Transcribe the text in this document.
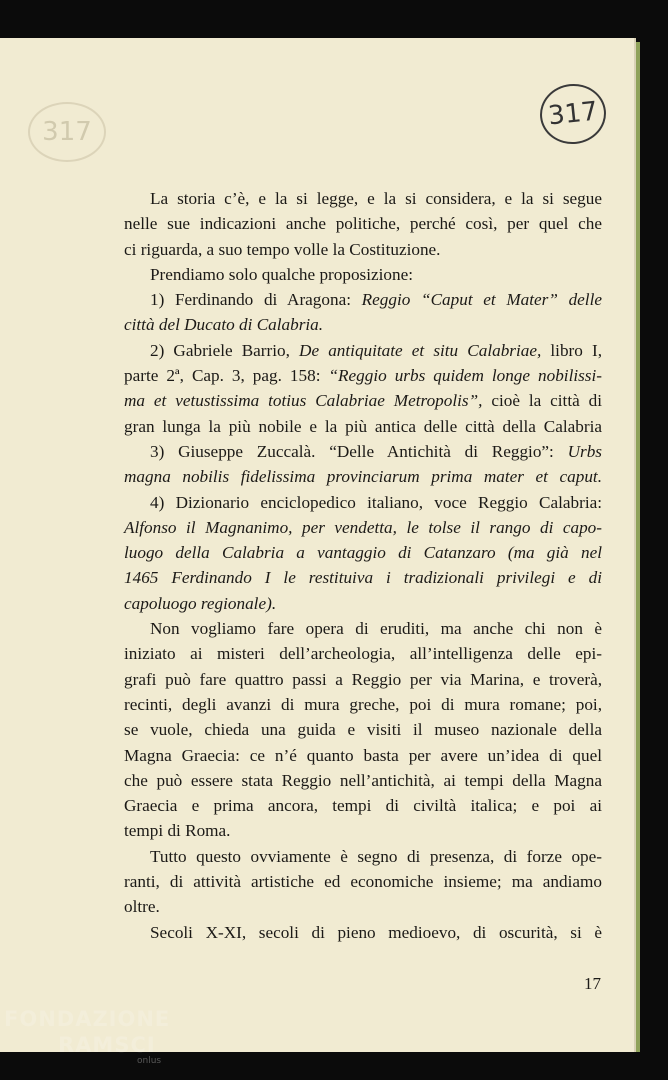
317
317
La storia c’è, e la si legge, e la si considera, e la si segue
nelle sue indicazioni anche politiche, perché così, per quel che
ci riguarda, a suo tempo volle la Costituzione.
Prendiamo solo qualche proposizione:
1) Ferdinando di Aragona: Reggio “Caput et Mater” delle
città del Ducato di Calabria.
2) Gabriele Barrio, De antiquitate et situ Calabriae, libro I,
parte 2ª, Cap. 3, pag. 158: “Reggio urbs quidem longe nobilissi-
ma et vetustissima totius Calabriae Metropolis”, cioè la città di
gran lunga la più nobile e la più antica delle città della Calabria
3) Giuseppe Zuccalà. “Delle Antichità di Reggio”: Urbs
magna nobilis fidelissima provinciarum prima mater et caput.
4) Dizionario enciclopedico italiano, voce Reggio Calabria:
Alfonso il Magnanimo, per vendetta, le tolse il rango di capo-
luogo della Calabria a vantaggio di Catanzaro (ma già nel
1465 Ferdinando I le restituiva i tradizionali privilegi e di
capoluogo regionale).
Non vogliamo fare opera di eruditi, ma anche chi non è
iniziato ai misteri dell’archeologia, all’intelligenza delle epi-
grafi può fare quattro passi a Reggio per via Marina, e troverà,
recinti, degli avanzi di mura greche, poi di mura romane; poi,
se vuole, chieda una guida e visiti il museo nazionale della
Magna Graecia: ce n’é quanto basta per avere un’idea di quel
che può essere stata Reggio nell’antichità, ai tempi della Magna
Graecia e prima ancora, tempi di civiltà italica; e poi ai
tempi di Roma.
Tutto questo ovviamente è segno di presenza, di forze ope-
ranti, di attività artistiche ed economiche insieme; ma andiamo
oltre.
Secoli X-XI, secoli di pieno medioevo, di oscurità, si è
17
FONDAZIONE
RAMSCI
onlus
